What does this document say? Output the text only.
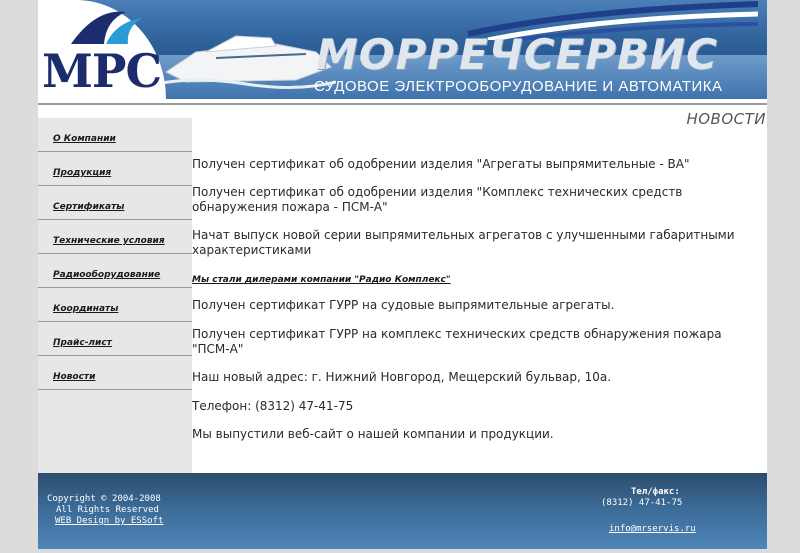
MPC	МОРРЕЧСЕРВИС
СУДОВОЕ ЭЛЕКТРООБОРУДОВАНИЕ И АВТОМАТИКА
О Компании
Продукция
Сертификаты
Технические условия
Радиооборудование
Координаты
Прайс-лист
Новости
НОВОСТИ

Получен сертификат об одобрении изделия "Агрегаты выпрямительные - ВА"

Получен сертификат об одобрении изделия "Комплекс технических средств обнаружения пожара - ПСМ-А"

Начат выпуск новой серии выпрямительных агрегатов с улучшенными габаритными характеристиками

Мы стали дилерами компании "Радио Комплекс"

Получен сертификат ГУРР на судовые выпрямительные агрегаты.

Получен сертификат ГУРР на комплекс технических средств обнаружения пожара "ПСМ-А"

Наш новый адрес: г. Нижний Новгород, Мещерский бульвар, 10а.

Телефон: (8312) 47-41-75

Мы выпустили веб-сайт о нашей компании и продукции.

Copyright © 2004-2008
All Rights Reserved
WEB Design by ESSoft
Тел/факс:
(8312) 47-41-75
info@mrservis.ru
